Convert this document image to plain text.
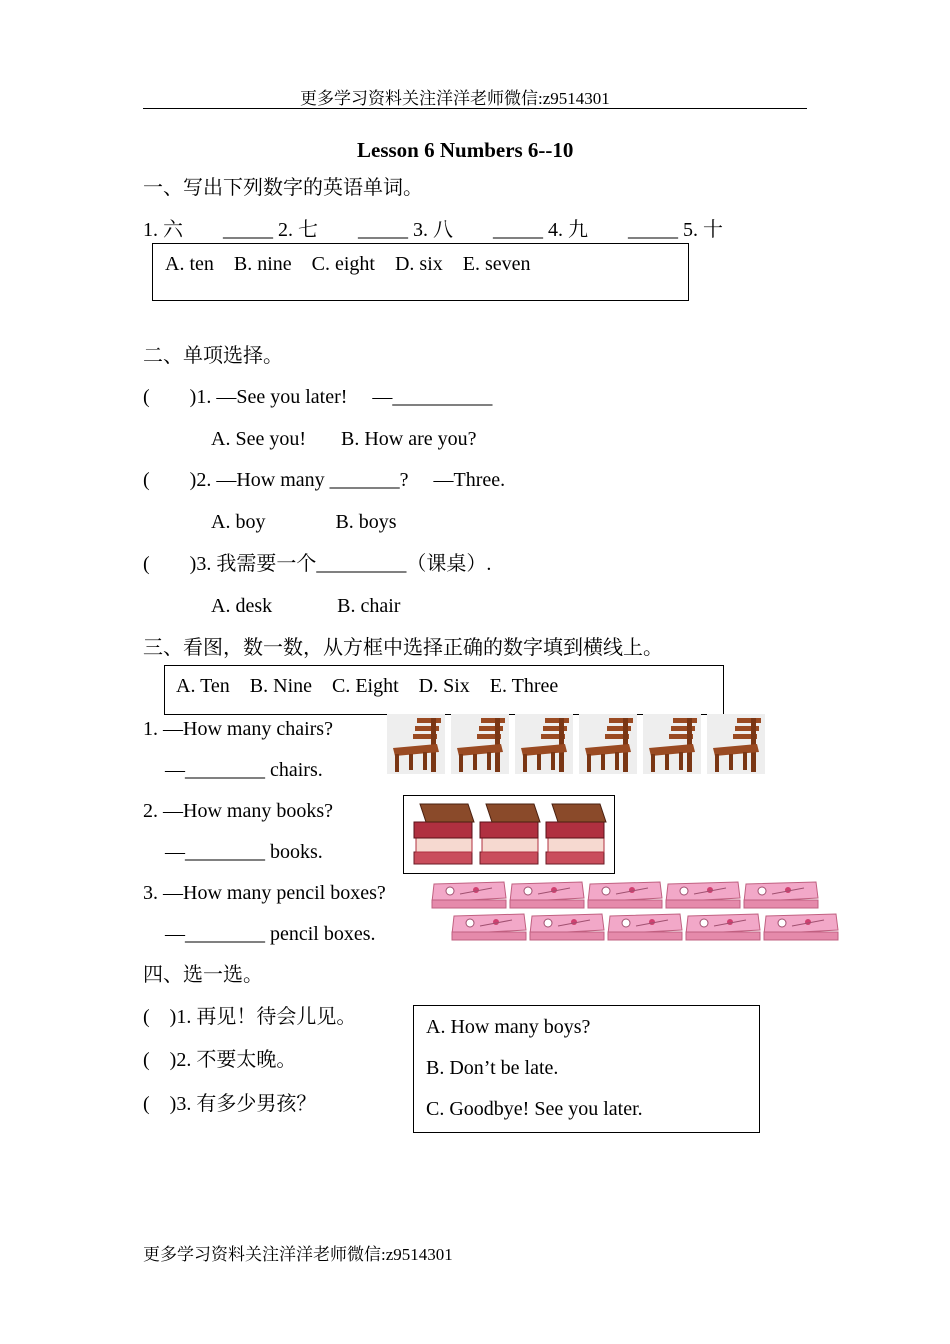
更多学习资料关注洋洋老师微信:z9514301
Lesson 6 Numbers 6--10
一、写出下列数字的英语单词。
1. 六        _____ 2. 七        _____ 3. 八        _____ 4. 九        _____ 5. 十
A. ten    B. nine    C. eight    D. six    E. seven
二、单项选择。
(        )1. —See you later!     —__________
A. See you!       B. How are you?
(        )2. —How many _______?     —Three.
A. boy              B. boys
(        )3. 我需要一个_________（课桌）.
A. desk             B. chair
三、看图，数一数，从方框中选择正确的数字填到横线上。
A. Ten    B. Nine    C. Eight    D. Six    E. Three
1. —How many chairs?
—________ chairs.
2. —How many books?
—________ books.
3. —How many pencil boxes?
—________ pencil boxes.
四、选一选。
(    )1. 再见！待会儿见。
(    )2. 不要太晚。
(    )3. 有多少男孩？
A. How many boys?
B. Don’t be late.
C. Goodbye! See you later.
更多学习资料关注洋洋老师微信:z9514301
